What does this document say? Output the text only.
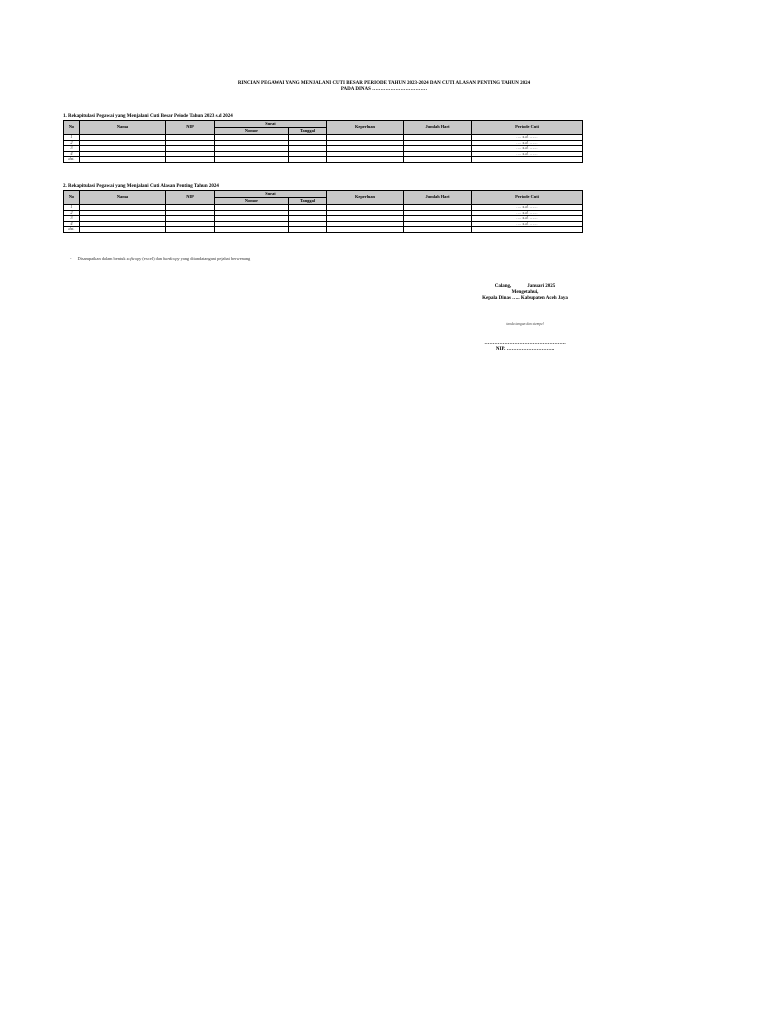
RINCIAN PEGAWAI YANG MENJALANI CUTI BESAR PERIODE TAHUN 2023-2024 DAN CUTI ALASAN PENTING TAHUN 2024
PADA DINAS ……………………………
1. Rekapitulasi Pegawai yang Menjalani Cuti Besar Peiode Tahun 2023 s.d 2024
No	Nama	NIP	Surat		Keperluan	Jumlah Hari	Periode Cuti
			Nomor	Tanggal			
1							…. s.d. ……
2							…. s.d. ……
3							…. s.d. ……
4							…. s.d. ……
dst.							
2. Rekapitulasi Pegawai yang Menjalani Cuti Alasan Penting Tahun 2024
No	Nama	NIP	Surat		Keperluan	Jumlah Hari	Periode Cuti
			Nomor	Tanggal			
1							…. s.d. ……
2							…. s.d. ……
3							…. s.d. ……
4							…. s.d. ……
dst.							
- Disampaikan dalam bentuk softcopy (excel) dan hardcopy yang ditandatangani pejabat berwenang
Calang,	Januari 2025
Mengetahui,
Kepala Dinas ….. Kabupaten Aceh Jaya
tanda tangan dan stempel
………………………………………….
NIP. ………………………..
